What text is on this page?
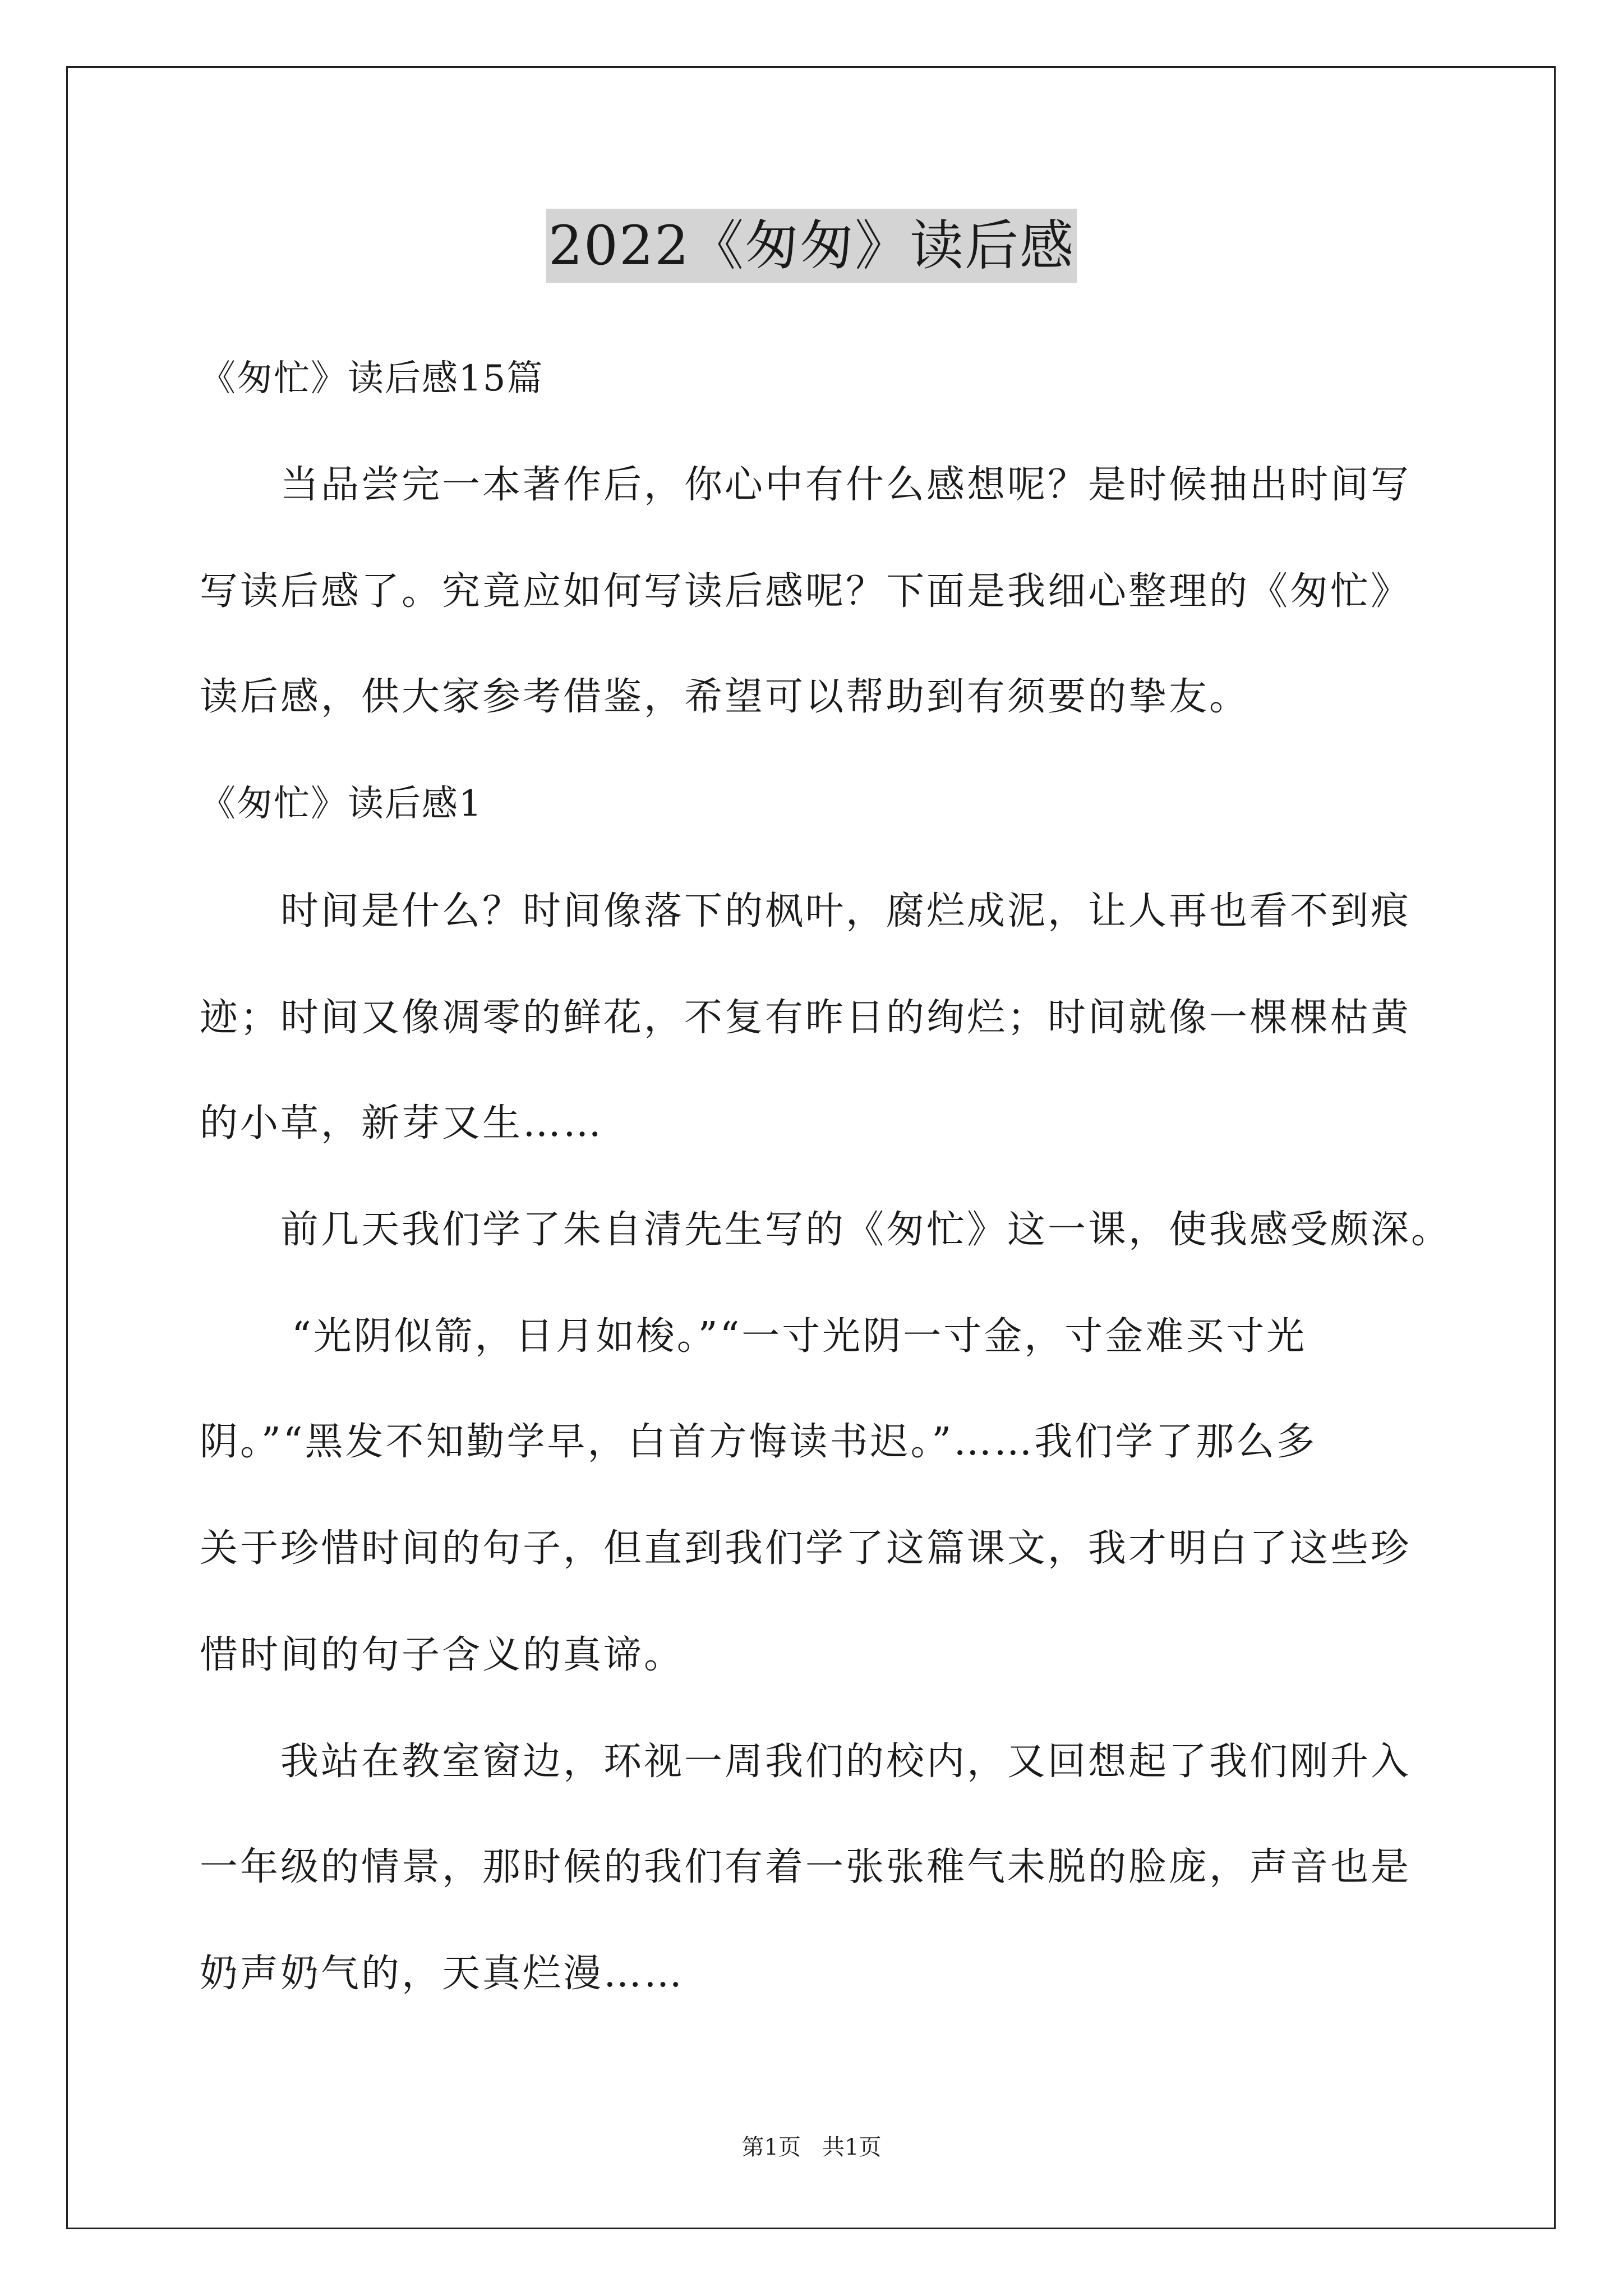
2022《匆匆》读后感
《匆忙》读后感15篇
当品尝完一本著作后，你心中有什么感想呢？是时候抽出时间写
写读后感了。究竟应如何写读后感呢？下面是我细心整理的《匆忙》
读后感，供大家参考借鉴，希望可以帮助到有须要的挚友。
《匆忙》读后感1
时间是什么？时间像落下的枫叶，腐烂成泥，让人再也看不到痕
迹；时间又像凋零的鲜花，不复有昨日的绚烂；时间就像一棵棵枯黄
的小草，新芽又生……
前几天我们学了朱自清先生写的《匆忙》这一课，使我感受颇深。
“光阴似箭，日月如梭。”“一寸光阴一寸金，寸金难买寸光
阴。”“黑发不知勤学早，白首方悔读书迟。”……我们学了那么多
关于珍惜时间的句子，但直到我们学了这篇课文，我才明白了这些珍
惜时间的句子含义的真谛。
我站在教室窗边，环视一周我们的校内，又回想起了我们刚升入
一年级的情景，那时候的我们有着一张张稚气未脱的脸庞，声音也是
奶声奶气的，天真烂漫……
第1页   共1页
